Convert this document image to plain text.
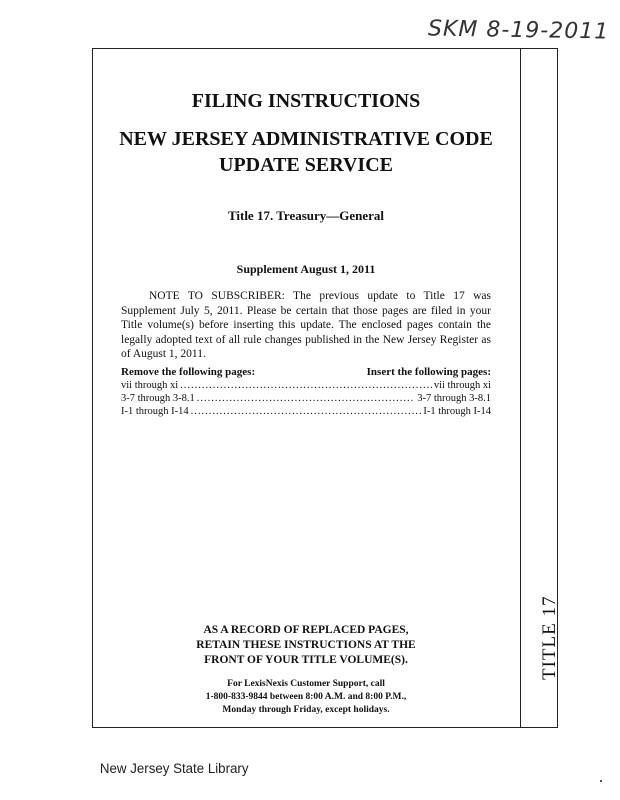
SKM 8-19-2011
TITLE 17
FILING INSTRUCTIONS
NEW JERSEY ADMINISTRATIVE CODE
UPDATE SERVICE
Title 17. Treasury—General
Supplement August 1, 2011
NOTE TO SUBSCRIBER: The previous update to Title 17 was Supplement July 5, 2011. Please be certain that those pages are filed in your Title volume(s) before inserting this update. The enclosed pages contain the legally adopted text of all rule changes published in the New Jersey Register as of August 1, 2011.
Remove the following pages:	Insert the following pages:
vii through xi .....	vii through xi
3-7 through 3-8.1 .....	3-7 through 3-8.1
I-1 through I-14 .....	I-1 through I-14
AS A RECORD OF REPLACED PAGES,
RETAIN THESE INSTRUCTIONS AT THE
FRONT OF YOUR TITLE VOLUME(S).
For LexisNexis Customer Support, call
1-800-833-9844 between 8:00 A.M. and 8:00 P.M.,
Monday through Friday, except holidays.
New Jersey State Library
